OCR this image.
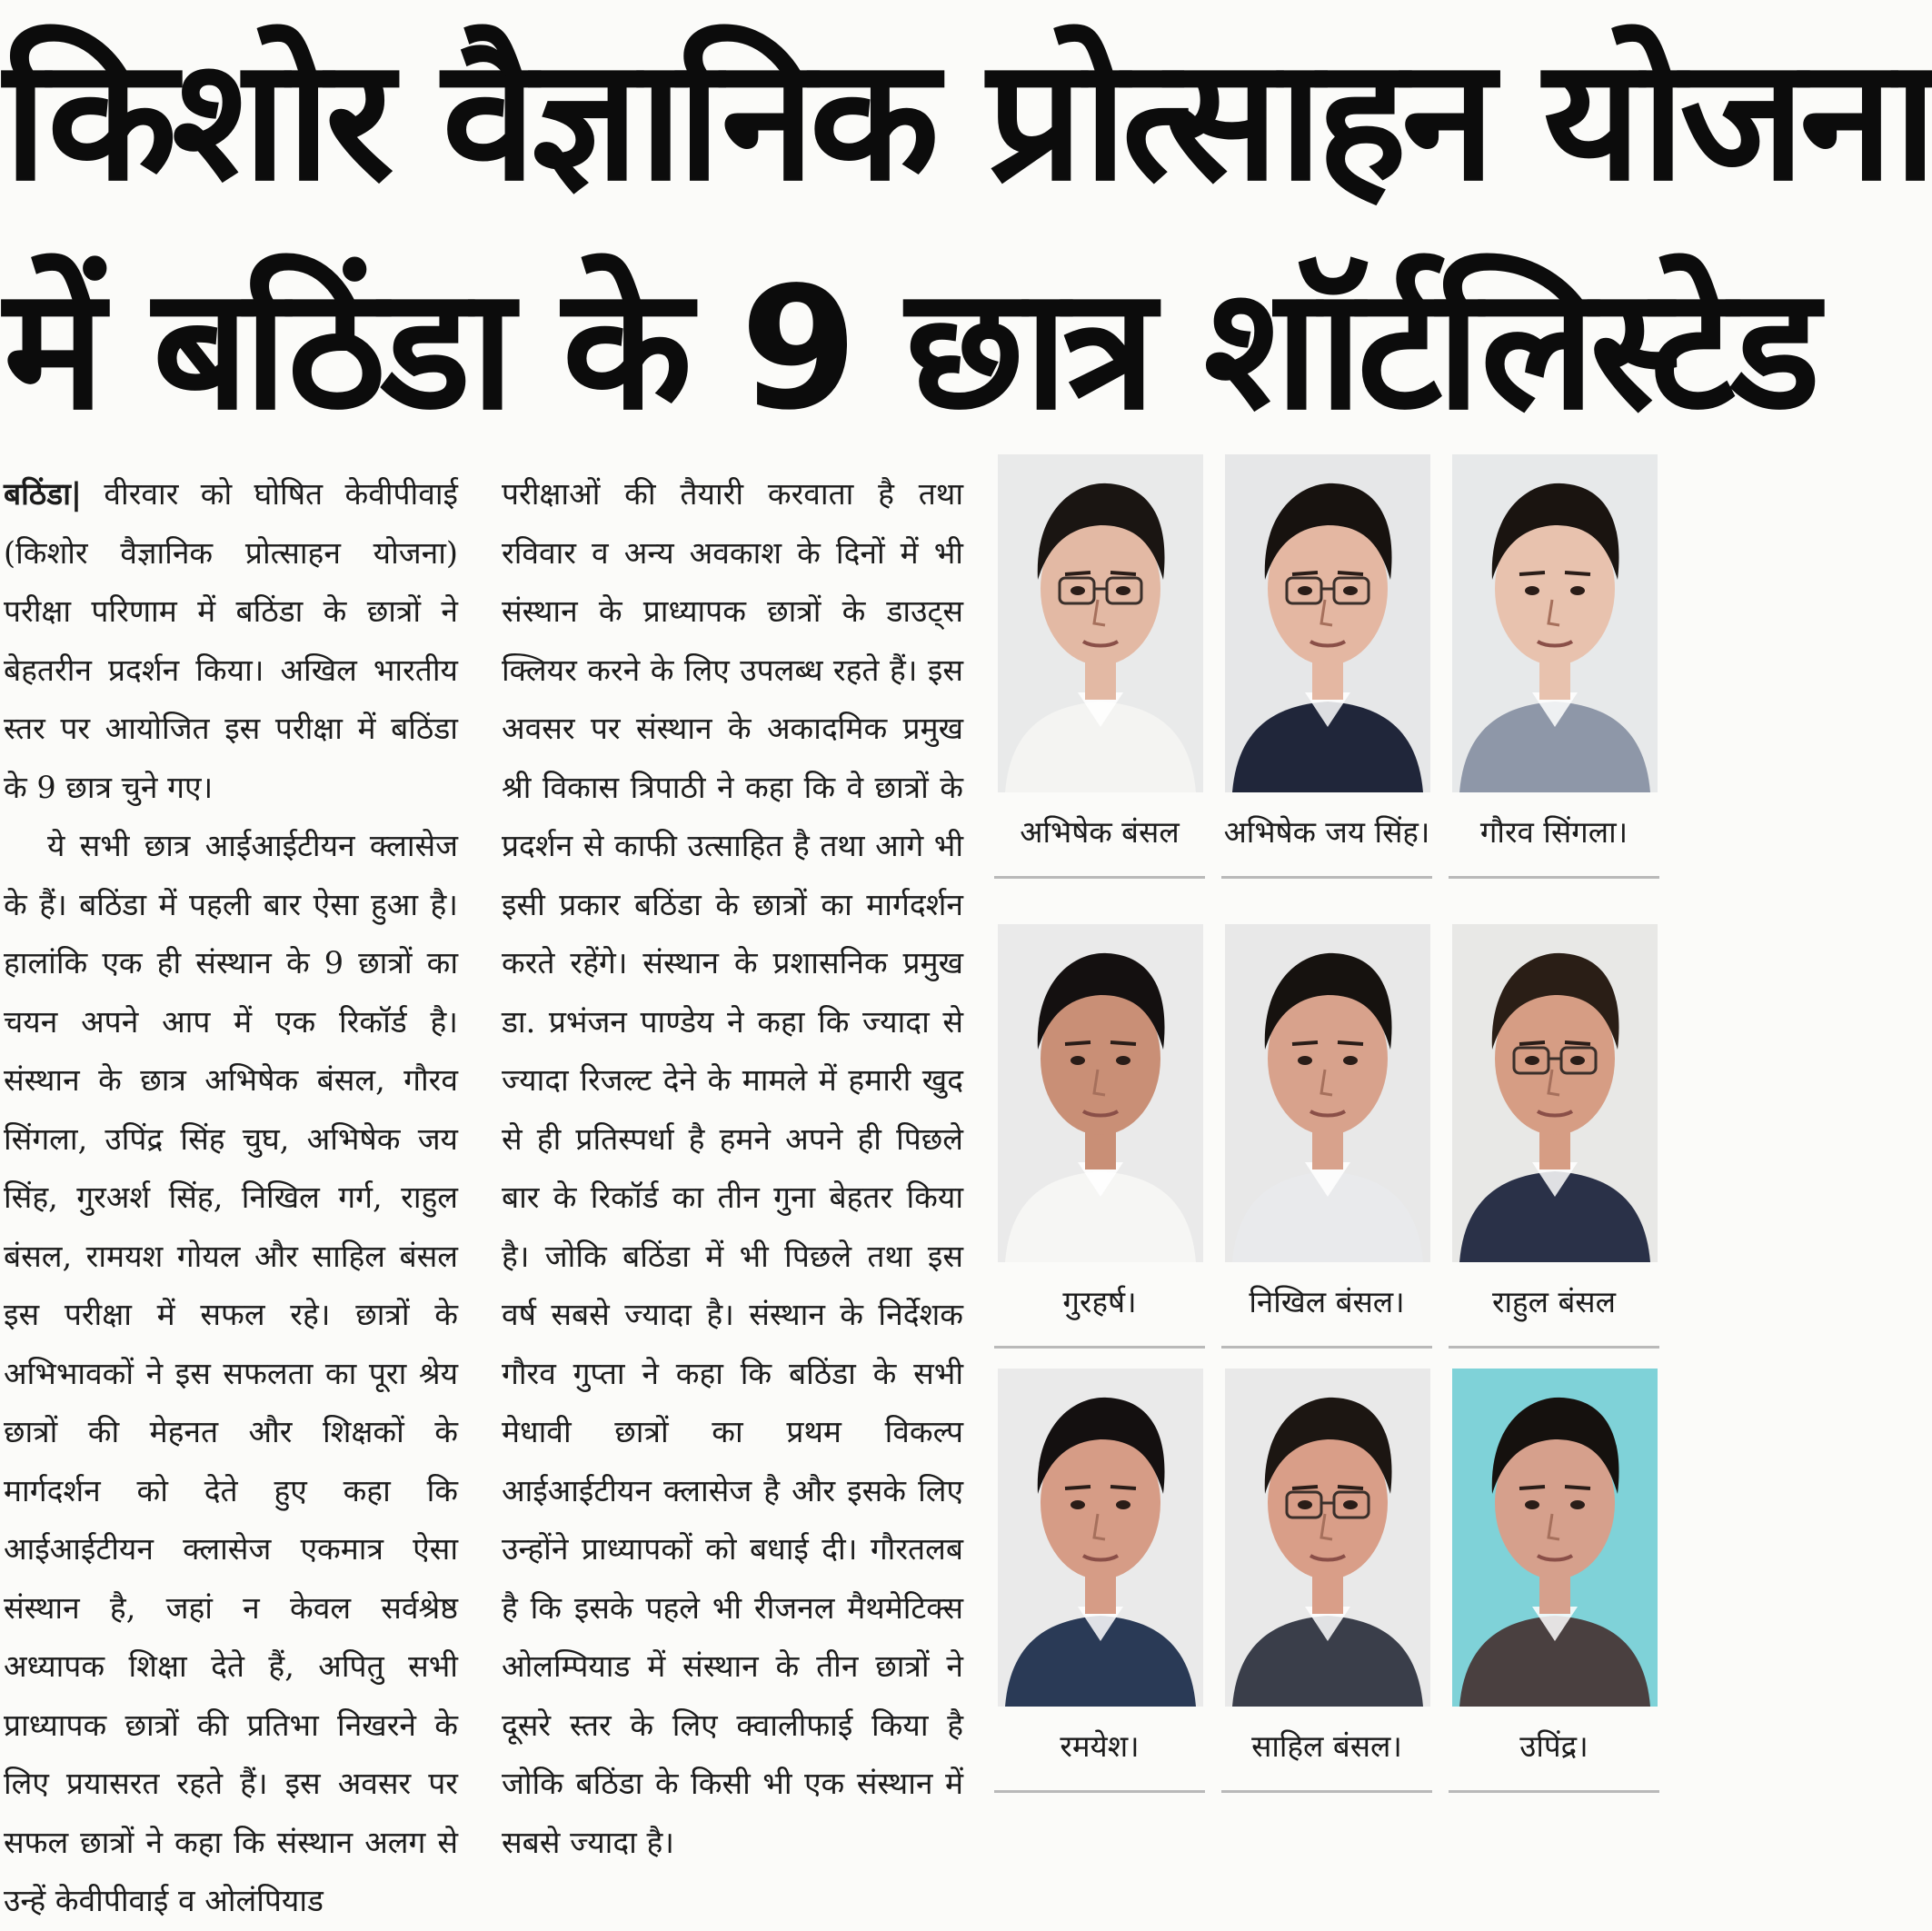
किशोर वैज्ञानिक प्रोत्साहन योजना
में बठिंडा के 9 छात्र शॉर्टलिस्टेड

बठिंडा| वीरवार को घोषित केवीपीवाई (किशोर वैज्ञानिक प्रोत्साहन योजना) परीक्षा परिणाम में बठिंडा के छात्रों ने बेहतरीन प्रदर्शन किया। अखिल भारतीय स्तर पर आयोजित इस परीक्षा में बठिंडा के 9 छात्र चुने गए।

ये सभी छात्र आईआईटीयन क्लासेज के हैं। बठिंडा में पहली बार ऐसा हुआ है। हालांकि एक ही संस्थान के 9 छात्रों का चयन अपने आप में एक रिकॉर्ड है। संस्थान के छात्र अभिषेक बंसल, गौरव सिंगला, उपिंद्र सिंह चुघ, अभिषेक जय सिंह, गुरअर्श सिंह, निखिल गर्ग, राहुल बंसल, रामयश गोयल और साहिल बंसल इस परीक्षा में सफल रहे। छात्रों के अभिभावकों ने इस सफलता का पूरा श्रेय छात्रों की मेहनत और शिक्षकों के मार्गदर्शन को देते हुए कहा कि आईआईटीयन क्लासेज एकमात्र ऐसा संस्थान है, जहां न केवल सर्वश्रेष्ठ अध्यापक शिक्षा देते हैं, अपितु सभी प्राध्यापक छात्रों की प्रतिभा निखरने के लिए प्रयासरत रहते हैं। इस अवसर पर सफल छात्रों ने कहा कि संस्थान अलग से उन्हें केवीपीवाई व ओलंपियाड

परीक्षाओं की तैयारी करवाता है तथा रविवार व अन्य अवकाश के दिनों में भी संस्थान के प्राध्यापक छात्रों के डाउट्स क्लियर करने के लिए उपलब्ध रहते हैं। इस अवसर पर संस्थान के अकादमिक प्रमुख श्री विकास त्रिपाठी ने कहा कि वे छात्रों के प्रदर्शन से काफी उत्साहित है तथा आगे भी इसी प्रकार बठिंडा के छात्रों का मार्गदर्शन करते रहेंगे। संस्थान के प्रशासनिक प्रमुख डा. प्रभंजन पाण्डेय ने कहा कि ज्यादा से ज्यादा रिजल्ट देने के मामले में हमारी खुद से ही प्रतिस्पर्धा है हमने अपने ही पिछले बार के रिकॉर्ड का तीन गुना बेहतर किया है। जोकि बठिंडा में भी पिछले तथा इस वर्ष सबसे ज्यादा है। संस्थान के निर्देशक गौरव गुप्ता ने कहा कि बठिंडा के सभी मेधावी छात्रों का प्रथम विकल्प आईआईटीयन क्लासेज है और इसके लिए उन्होंने प्राध्यापकों को बधाई दी। गौरतलब है कि इसके पहले भी रीजनल मैथमेटिक्स ओलम्पियाड में संस्थान के तीन छात्रों ने दूसरे स्तर के लिए क्वालीफाई किया है जोकि बठिंडा के किसी भी एक संस्थान में सबसे ज्यादा है।

अभिषेक बंसल	अभिषेक जय सिंह।	गौरव सिंगला।
गुरहर्ष।	निखिल बंसल।	राहुल बंसल
रमयेश।	साहिल बंसल।	उपिंद्र।
